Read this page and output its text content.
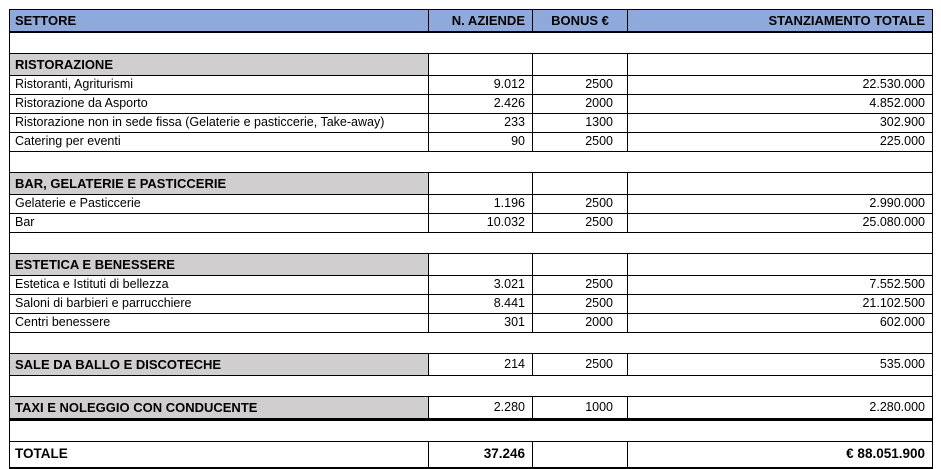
SETTORE	N. AZIENDE	BONUS €	STANZIAMENTO TOTALE

RISTORAZIONE			
Ristoranti, Agriturismi	9.012	2500	22.530.000
Ristorazione da Asporto	2.426	2000	4.852.000
Ristorazione non in sede fissa (Gelaterie e pasticcerie, Take-away)	233	1300	302.900
Catering per eventi	90	2500	225.000

BAR, GELATERIE E PASTICCERIE			
Gelaterie e Pasticcerie	1.196	2500	2.990.000
Bar	10.032	2500	25.080.000

ESTETICA E BENESSERE			
Estetica e Istituti di bellezza	3.021	2500	7.552.500
Saloni di barbieri e parrucchiere	8.441	2500	21.102.500
Centri benessere	301	2000	602.000

SALE DA BALLO E DISCOTECHE	214	2500	535.000

TAXI E NOLEGGIO CON CONDUCENTE	2.280	1000	2.280.000

TOTALE	37.246		€ 88.051.900
